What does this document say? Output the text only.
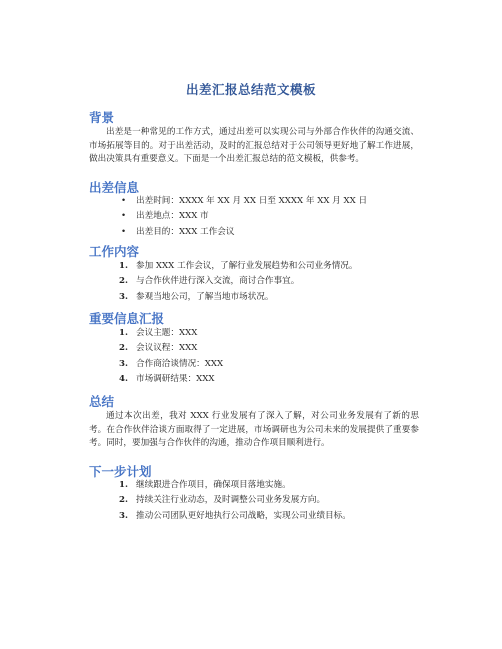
出差汇报总结范文模板
背景

出差是一种常见的工作方式，通过出差可以实现公司与外部合作伙伴的沟通交流、市场拓展等目的。对于出差活动，及时的汇报总结对于公司领导更好地了解工作进展，做出决策具有重要意义。下面是一个出差汇报总结的范文模板，供参考。

出差信息
• 出差时间：XXXX 年 XX 月 XX 日至 XXXX 年 XX 月 XX 日
• 出差地点：XXX 市
• 出差目的：XXX 工作会议
工作内容
1. 参加 XXX 工作会议，了解行业发展趋势和公司业务情况。
2. 与合作伙伴进行深入交流，商讨合作事宜。
3. 参观当地公司，了解当地市场状况。
重要信息汇报
1. 会议主题：XXX
2. 会议议程：XXX
3. 合作商洽谈情况：XXX
4. 市场调研结果：XXX
总结

通过本次出差，我对 XXX 行业发展有了深入了解，对公司业务发展有了新的思考。在合作伙伴洽谈方面取得了一定进展，市场调研也为公司未来的发展提供了重要参考。同时，要加强与合作伙伴的沟通，推动合作项目顺利进行。

下一步计划
1. 继续跟进合作项目，确保项目落地实施。
2. 持续关注行业动态，及时调整公司业务发展方向。
3. 推动公司团队更好地执行公司战略，实现公司业绩目标。
